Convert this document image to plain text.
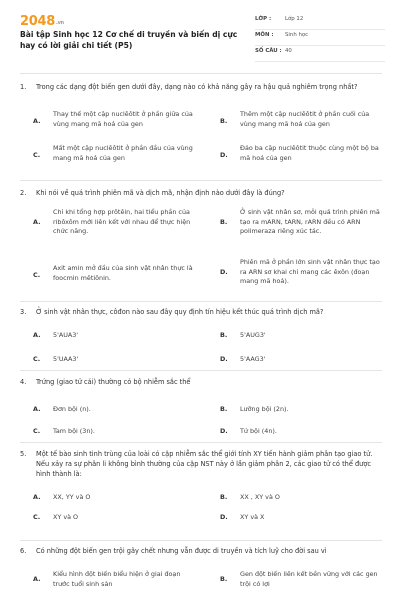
$2048_{.vn}$
Bài tập Sinh học 12 Cơ chế di truyền và biến dị cực hay có lời giải chi tiết (P5)
LỚP :	Lớp 12
MÔN : Sinh học
SỐ CÂU : 40
1. Trong các dạng đột biến gen dưới đây, dạng nào có khả năng gây ra hậu quả nghiêm trọng nhất?
A.
Thay thế một cặp nuclêôtit ở phần giữa của vùng mang mã hoá của gen	B.
Thêm một cặp nuclêôtit ở phần cuối của vùng mang mã hoá của gen
C.
Mất một cặp nuclêôtit ở phần đầu của vùng mang mã hoá của gen	D.
Đảo ba cặp nuclêôtit thuộc cùng một bộ ba mã hoá của gen
2. Khi nói về quá trình phiên mã và dịch mã, nhận định nào dưới đây là đúng?
A.
Chỉ khi tổng hợp prôtêin, hai tiểu phần của ribôxôm mới liên kết với nhau để thực hiện chức năng.
B.
Ở sinh vật nhân sơ, mỗi quá trình phiên mã tạo ra mARN, tARN, rARN đều có ARN polimeraza riêng xúc tác.
C.
Axit amin mở đầu của sinh vật nhân thực là foocmin mêtiônin.
D.
Phiên mã ở phần lớn sinh vật nhân thực tạo ra ARN sơ khai chỉ mang các êxôn (đoạn mang mã hoá).
3. Ở sinh vật nhân thực, côđon nào sau đây quy định tín hiệu kết thúc quá trình dịch mã?
A. 5'AUA3'	B. 5'AUG3'
C. 5'UAA3'	D. 5'AAG3'
4. Trứng (giao tử cái) thường có bộ nhiễm sắc thể
A. Đơn bội (n).	B. Lưỡng bội (2n).
C. Tam bội (3n).	D. Tứ bội (4n).
5. Một tế bào sinh tinh trùng của loài có cặp nhiễm sắc thể giới tính XY tiến hành giảm phân tạo giao tử. Nếu xảy ra sự phân li không bình thường của cặp NST này ở lần giảm phân 2, các giao tử có thể được hình thành là:
A. XX, YY và O	B. XX , XY và O
C. XY và O	D. XY và X
6. Có những đột biến gen trội gây chết nhưng vẫn được di truyền và tích luỹ cho đời sau vì
A.
Kiểu hình đột biến biểu hiện ở giai đoạn trước tuổi sinh sản
B.
Gen đột biến liên kết bền vững với các gen trội có lợi
